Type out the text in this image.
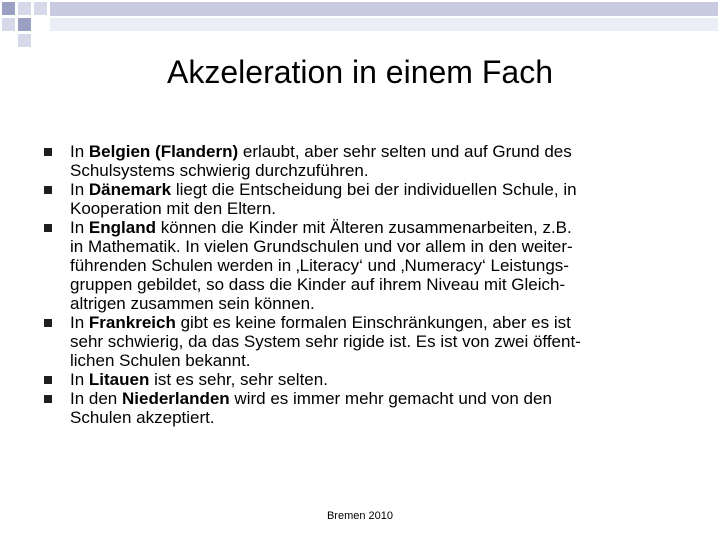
Akzeleration in einem Fach
In Belgien (Flandern) erlaubt, aber sehr selten und auf Grund des
Schulsystems schwierig durchzuführen.
In Dänemark liegt die Entscheidung bei der individuellen Schule, in
Kooperation mit den Eltern.
In England können die Kinder mit Älteren zusammenarbeiten, z.B.
in Mathematik. In vielen Grundschulen und vor allem in den weiter-
führenden Schulen werden in ‚Literacy‘ und ‚Numeracy‘ Leistungs-
gruppen gebildet, so dass die Kinder auf ihrem Niveau mit Gleich-
altrigen zusammen sein können.
In Frankreich gibt es keine formalen Einschränkungen, aber es ist
sehr schwierig, da das System sehr rigide ist. Es ist von zwei öffent-
lichen Schulen bekannt.
In Litauen ist es sehr, sehr selten.
In den Niederlanden wird es immer mehr gemacht und von den
Schulen akzeptiert.
Bremen 2010
